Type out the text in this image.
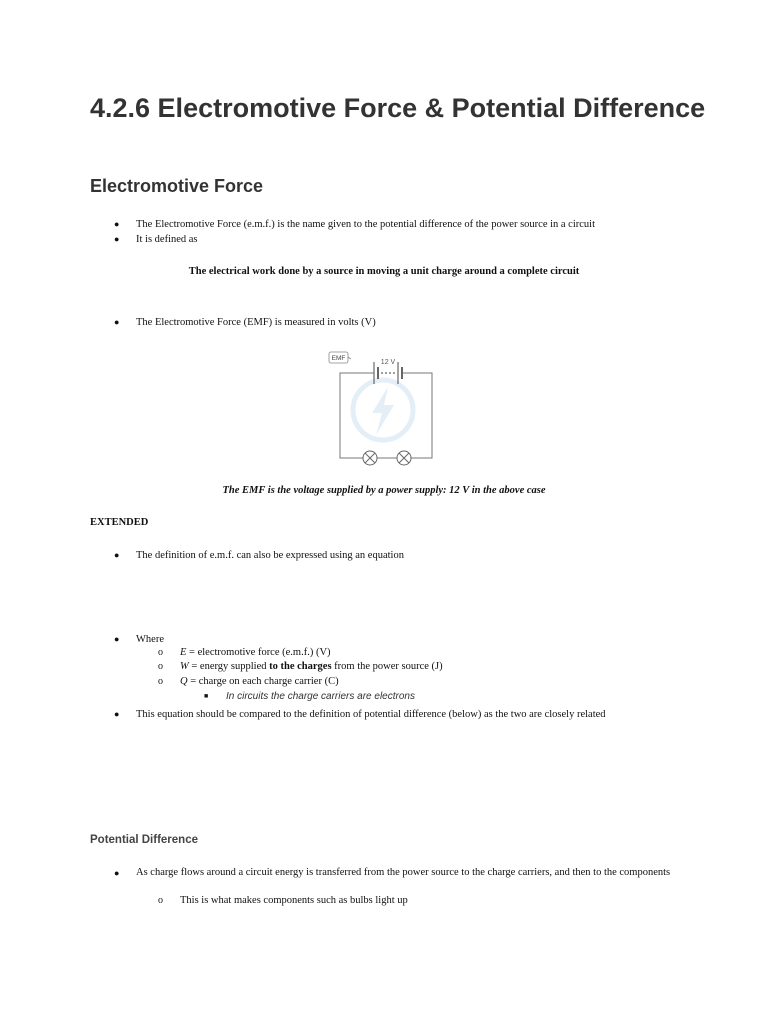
4.2.6 Electromotive Force & Potential Difference
Electromotive Force
● The Electromotive Force (e.m.f.) is the name given to the potential difference of the power source in a circuit
● It is defined as
The electrical work done by a source in moving a unit charge around a complete circuit
● The Electromotive Force (EMF) is measured in volts (V)
12 V
EMF
The EMF is the voltage supplied by a power supply: 12 V in the above case
EXTENDED
● The definition of e.m.f. can also be expressed using an equation
● Where
o E = electromotive force (e.m.f.) (V)
o W = energy supplied to the charges from the power source (J)
o Q = charge on each charge carrier (C)
■ In circuits the charge carriers are electrons
● This equation should be compared to the definition of potential difference (below) as the two are closely related
Potential Difference
● As charge flows around a circuit energy is transferred from the power source to the charge carriers, and then to the components
o This is what makes components such as bulbs light up
